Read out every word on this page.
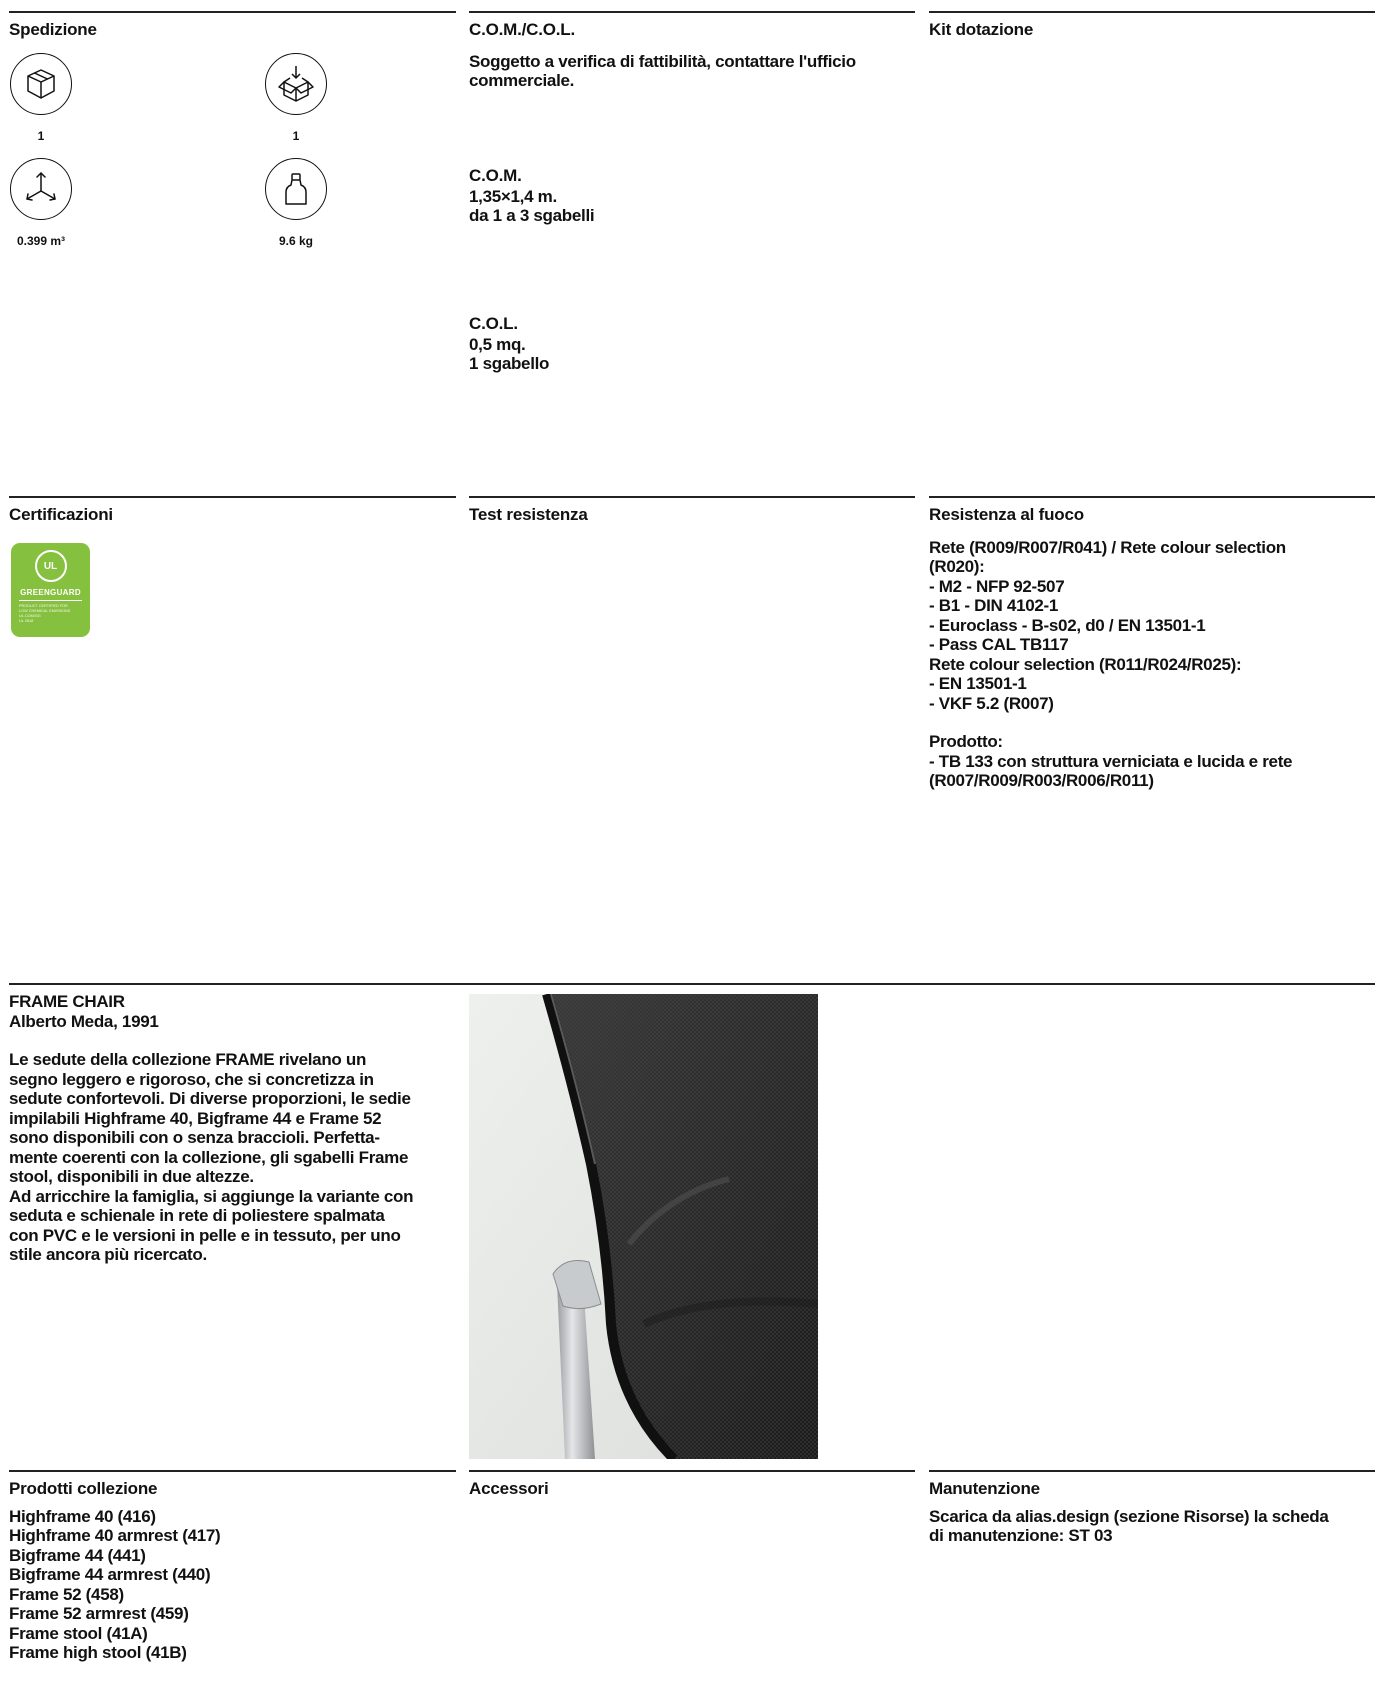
Spedizione
1	1
0.399 m³	9.6 kg
C.O.M./C.O.L.

Soggetto a verifica di fattibilità, contattare l'ufficio
commerciale.

C.O.M.

1,35×1,4 m.
da 1 a 3 sgabelli

C.O.L.

0,5 mq.
1 sgabello

Kit dotazione
Certificazioni
UL
GREENGUARD
PRODUCT CERTIFIED FOR
LOW CHEMICAL EMISSIONS
UL.COM/GG
UL 2818
Test resistenza	Resistenza al fuoco

Rete (R009/R007/R041) / Rete colour selection
(R020):
- M2 - NFP 92-507
- B1 - DIN 4102-1
- Euroclass - B-s02, d0 / EN 13501-1
- Pass CAL TB117
Rete colour selection (R011/R024/R025):
- EN 13501-1
- VKF 5.2 (R007)

Prodotto:

- TB 133 con struttura verniciata e lucida e rete
(R007/R009/R003/R006/R011)

FRAME CHAIR

Alberto Meda, 1991

Le sedute della collezione FRAME rivelano un
segno leggero e rigoroso, che si concretizza in
sedute confortevoli. Di diverse proporzioni, le sedie
impilabili Highframe 40, Bigframe 44 e Frame 52
sono disponibili con o senza braccioli. Perfetta-
mente coerenti con la collezione, gli sgabelli Frame
stool, disponibili in due altezze.
Ad arricchire la famiglia, si aggiunge la variante con
seduta e schienale in rete di poliestere spalmata
con PVC e le versioni in pelle e in tessuto, per uno
stile ancora più ricercato.

Prodotti collezione
Highframe 40 (416)
Highframe 40 armrest (417)
Bigframe 44 (441)
Bigframe 44 armrest (440)
Frame 52 (458)
Frame 52 armrest (459)
Frame stool (41A)
Frame high stool (41B)
Accessori	Manutenzione

Scarica da alias.design (sezione Risorse) la scheda
di manutenzione: ST 03
